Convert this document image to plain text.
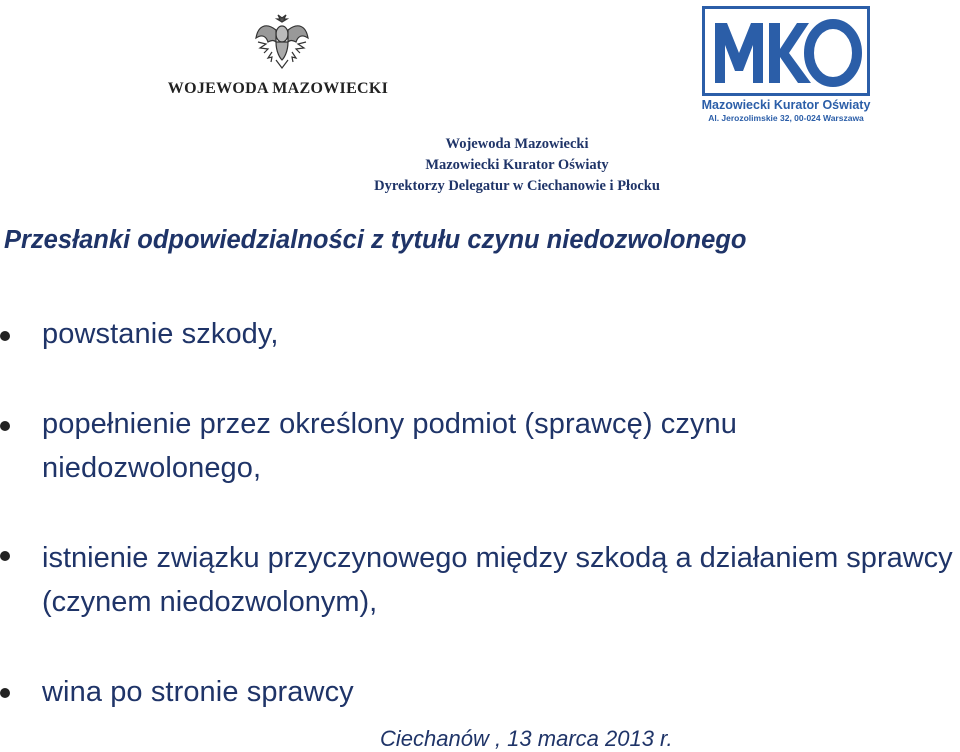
WOJEWODA MAZOWIECKI
Mazowiecki Kurator Oświaty
Al. Jerozolimskie 32, 00-024 Warszawa
Wojewoda Mazowiecki
Mazowiecki Kurator Oświaty
Dyrektorzy Delegatur w Ciechanowie i Płocku
Przesłanki odpowiedzialności z tytułu czynu niedozwolonego
powstanie szkody,
popełnienie przez określony podmiot (sprawcę) czynu niedozwolonego,
istnienie związku przyczynowego między szkodą a działaniem sprawcy (czynem niedozwolonym),
wina po stronie sprawcy
Ciechanów , 13 marca 2013 r.
